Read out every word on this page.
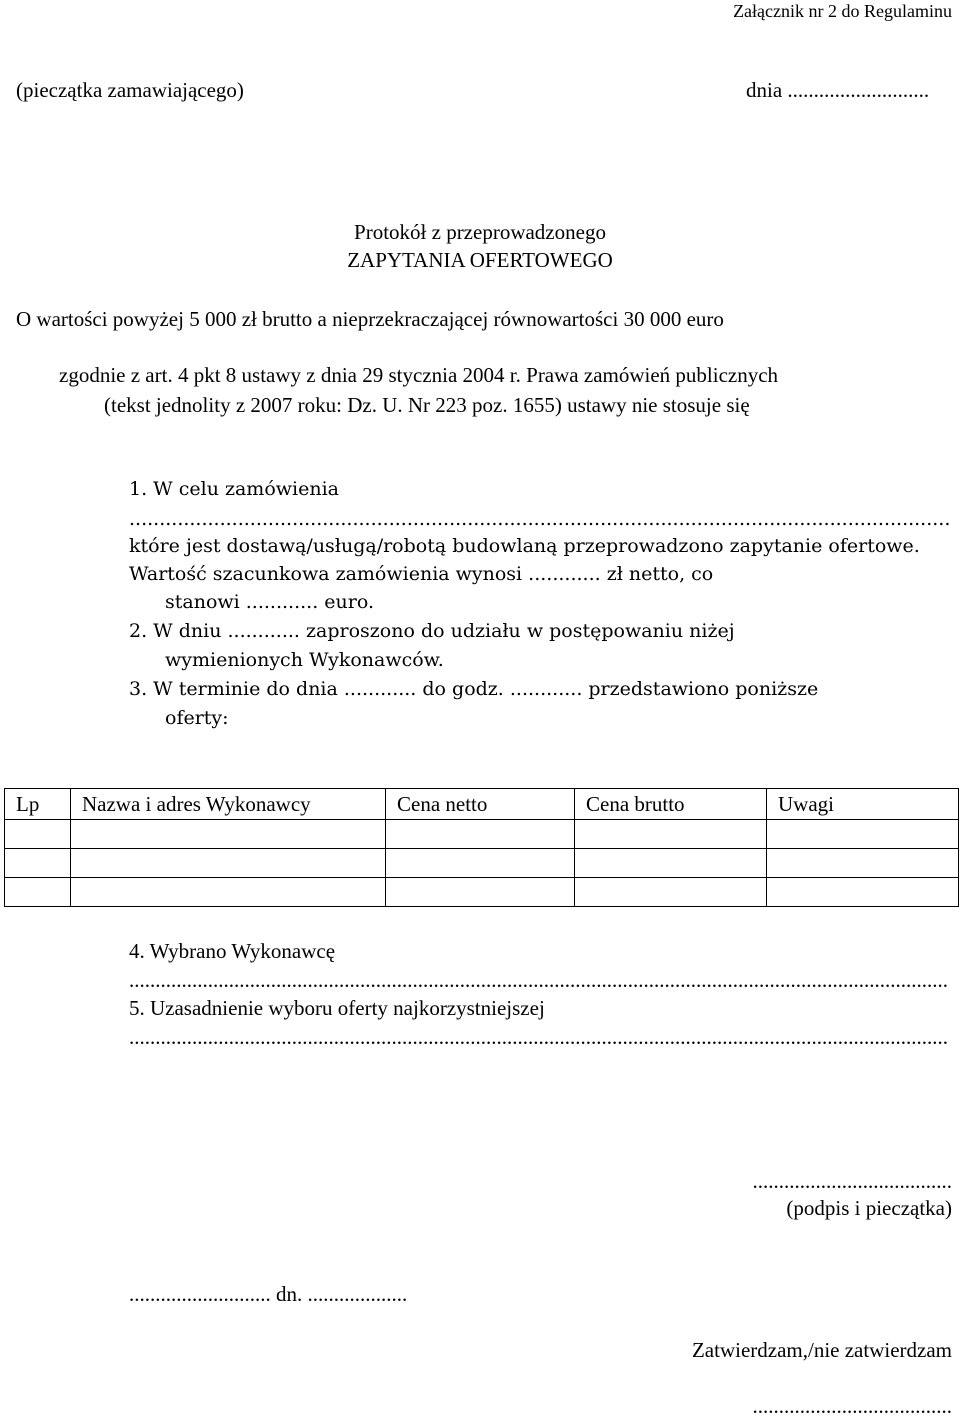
Załącznik nr 2 do Regulaminu
(pieczątka zamawiającego)	dnia ...........................
Protokół z przeprowadzonego
ZAPYTANIA OFERTOWEGO
O wartości powyżej 5 000 zł brutto a nieprzekraczającej równowartości 30 000 euro
zgodnie z art. 4 pkt 8 ustawy z dnia 29 stycznia 2004 r. Prawa zamówień publicznych
(tekst jednolity z 2007 roku: Dz. U. Nr 223 poz. 1655) ustawy nie stosuje się
1. W celu zamówienia
.....
które jest dostawą/usługą/robotą budowlaną przeprowadzono zapytanie ofertowe.
Wartość szacunkowa zamówienia wynosi ............ zł netto, co
stanowi ............ euro.
2. W dniu ............ zaproszono do udziału w postępowaniu niżej
wymienionych Wykonawców.
3. W terminie do dnia ............ do godz. ............ przedstawiono poniższe
oferty:
Lp	Nazwa i adres Wykonawcy	Cena netto	Cena brutto	Uwagi

4. Wybrano Wykonawcę
.....
5. Uzasadnienie wyboru oferty najkorzystniejszej
.....
......................................
(podpis i pieczątka)
........................... dn. ...................
Zatwierdzam,/nie zatwierdzam
......................................
